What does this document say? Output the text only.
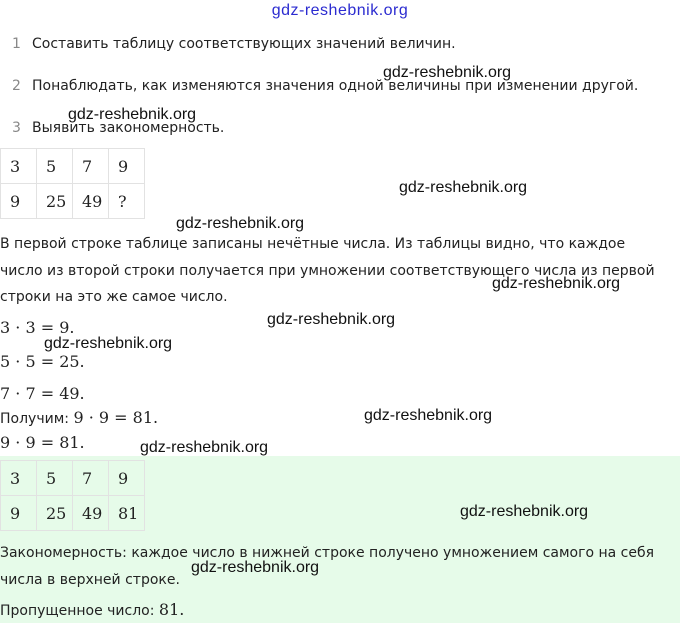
gdz-reshebnik.org
1 Составить таблицу соответствующих значений величин.
2 Понаблюдать, как изменяются значения одной величины при изменении другой.
3 Выявить закономерность.
3	5	7	9
9	25	49	?
В первой строке таблице записаны нечётные числа. Из таблицы видно, что каждое
число из второй строки получается при умножении соответствующего числа из первой
строки на это же самое число.
3 · 3 = 9.
5 · 5 = 25.
7 · 7 = 49.
Получим: 9 · 9 = 81.
9 · 9 = 81.
3	5	7	9
9	25	49	81
Закономерность: каждое число в нижней строке получено умножением самого на себя
числа в верхней строке.
Пропущенное число: 81.
gdz-reshebnik.org
gdz-reshebnik.org
gdz-reshebnik.org
gdz-reshebnik.org
gdz-reshebnik.org
gdz-reshebnik.org
gdz-reshebnik.org
gdz-reshebnik.org
gdz-reshebnik.org
gdz-reshebnik.org
gdz-reshebnik.org
